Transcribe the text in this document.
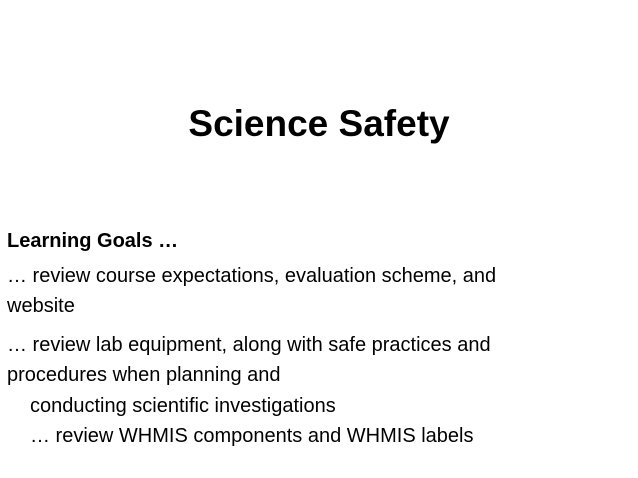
Science Safety

Learning Goals …

… review course expectations, evaluation scheme, and

website

… review lab equipment, along with safe practices and

procedures when planning and

conducting scientific investigations

… review WHMIS components and WHMIS labels
